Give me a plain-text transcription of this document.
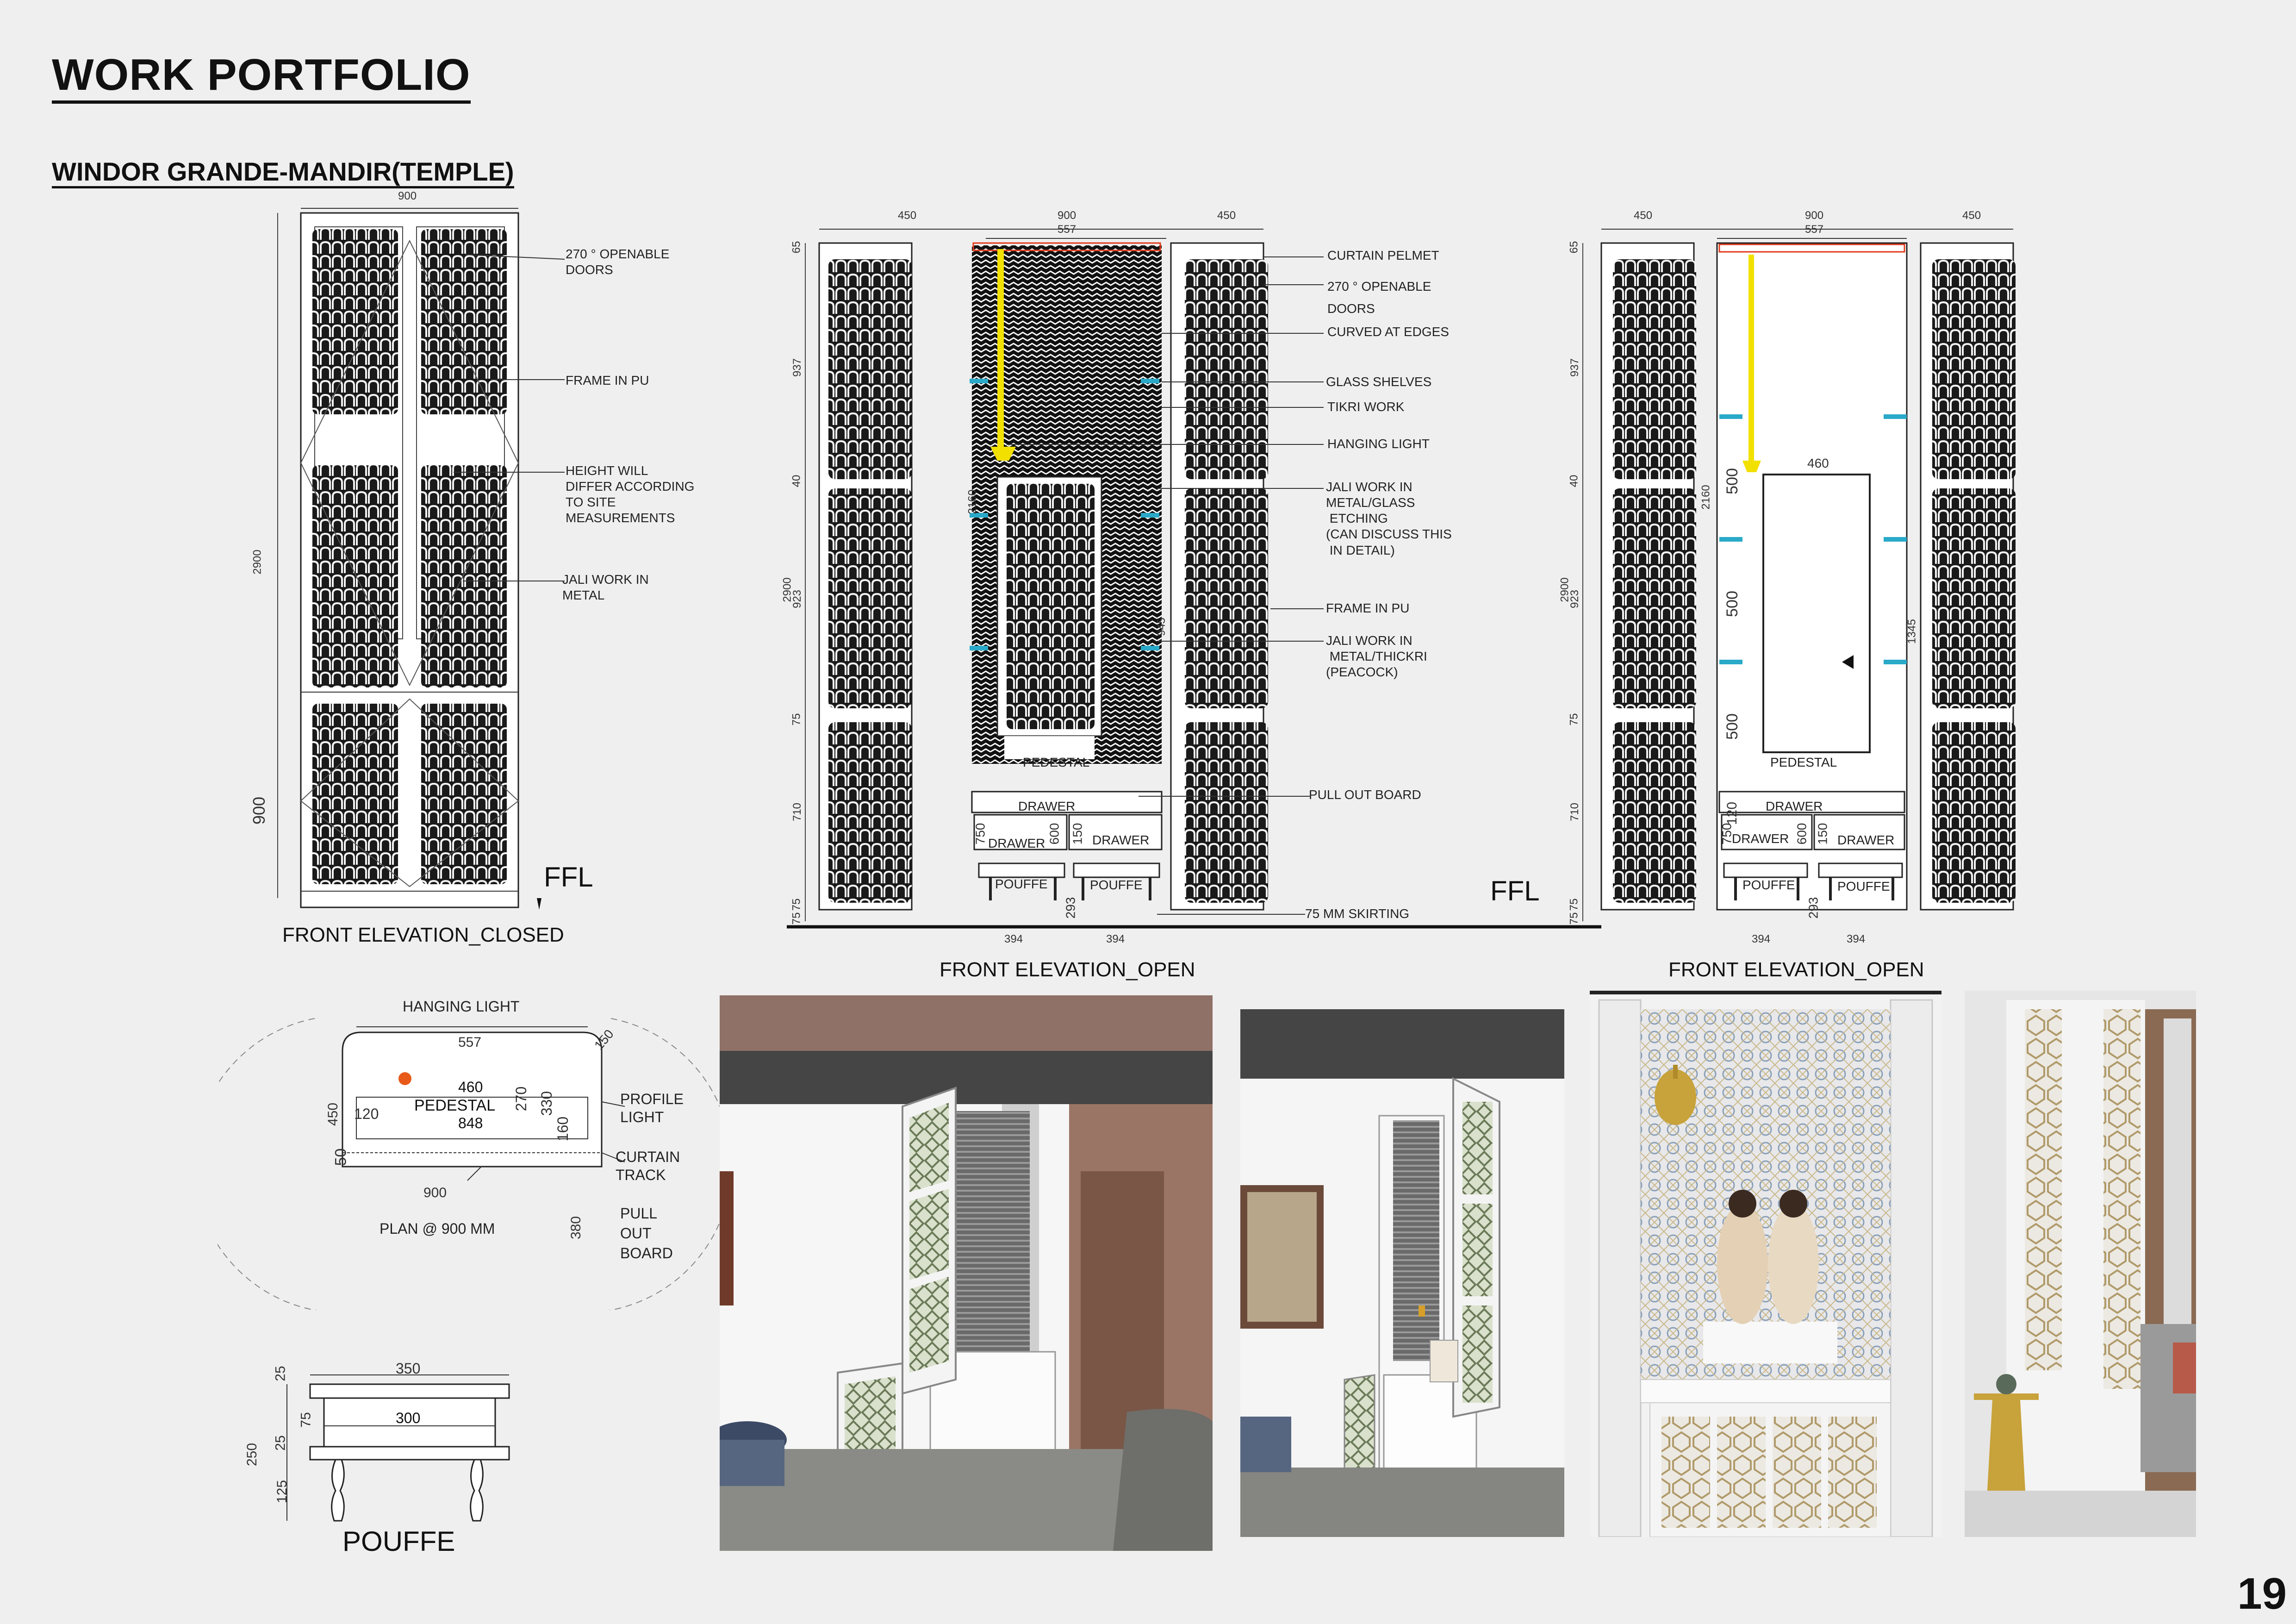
WORK PORTFOLIO
WINDOR GRANDE-MANDIR(TEMPLE)
19
900
2900
900
270 ° OPENABLE
DOORS
FRAME IN PU
HEIGHT WILL
DIFFER ACCORDING
TO SITE
MEASUREMENTS
JALI WORK IN
METAL
FFL
FRONT ELEVATION_CLOSED
450	900
557
450
65
937
40
2900
923
75
710
75
75
2160
945
750	600 150
293
PEDESTAL
DRAWER
DRAWER	DRAWER
POUFFE	POUFFE
CURTAIN PELMET
270 ° OPENABLE
DOORS
CURVED AT EDGES
GLASS SHELVES
TIKRI WORK
HANGING LIGHT
JALI WORK IN
METAL/GLASS
ETCHING
(CAN DISCUSS THIS
IN DETAIL)
FRAME IN PU
JALI WORK IN
METAL/THICKRI
(PEACOCK)
PULL OUT BOARD
75 MM SKIRTING
394	394
FFL
FRONT ELEVATION_OPEN
450	900
557
450
65
937
40
2900
923
75
710
75
75
2160
500
500
500
460
1345
120
750	600 150
293
PEDESTAL
DRAWER
DRAWER	DRAWER
POUFFE	POUFFE
394	394
FRONT ELEVATION_OPEN
HANGING LIGHT
557	150
460
PEDESTAL
848
270 330
160
450 120
50
900
380
PLAN @ 900 MM
PROFILE
LIGHT
CURTAIN
TRACK
PULL
OUT
BOARD
350
300
25
75
25
250
125
POUFFE
